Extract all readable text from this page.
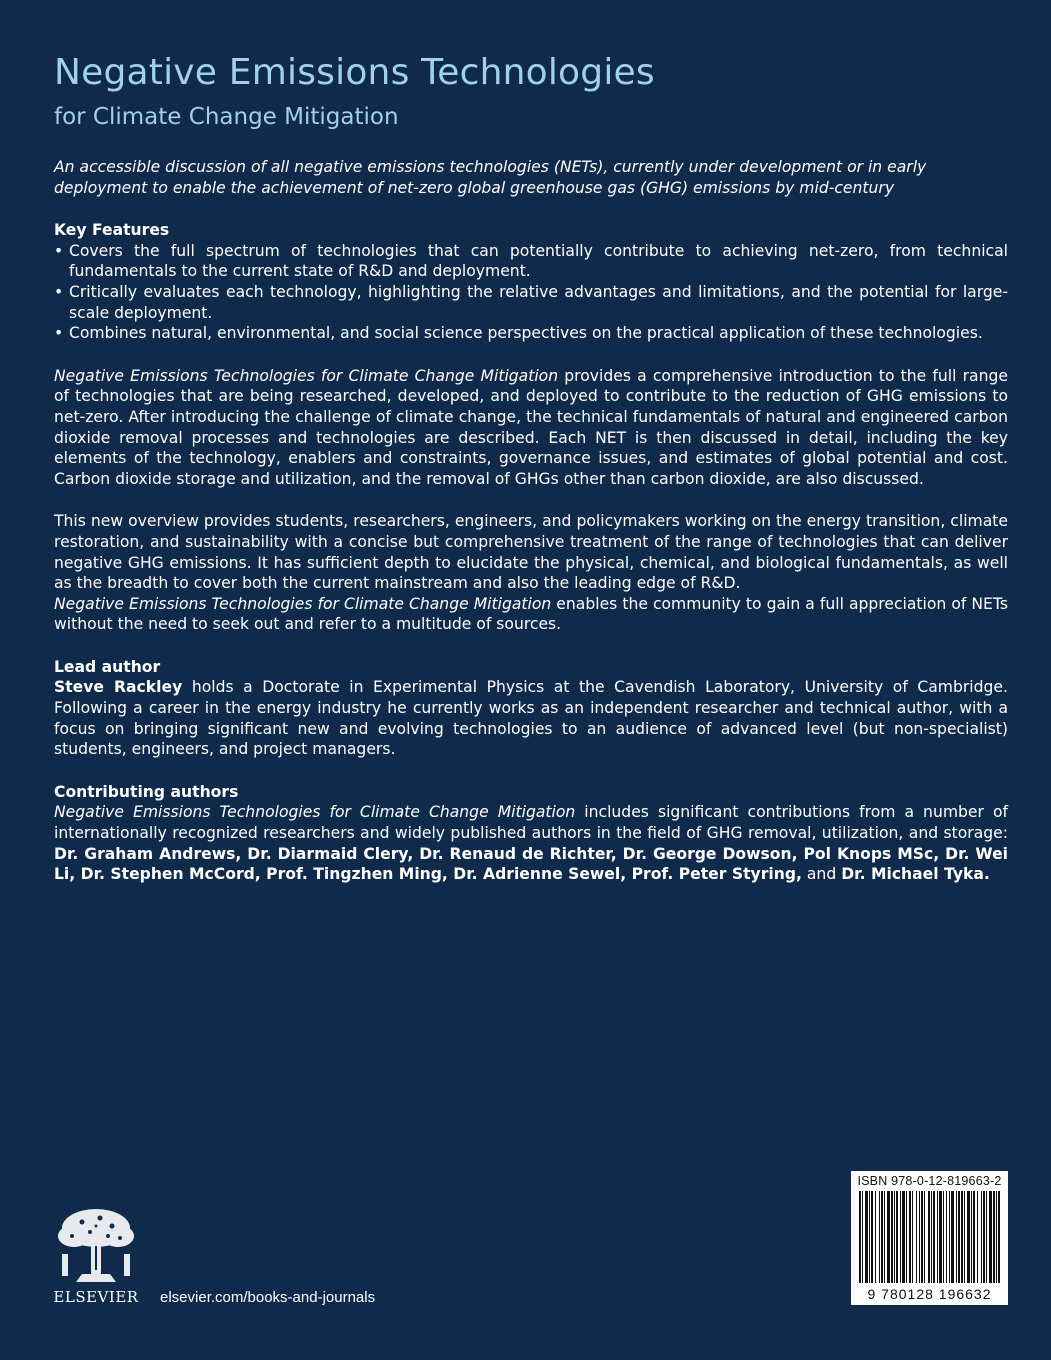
Negative Emissions Technologies
for Climate Change Mitigation

An accessible discussion of all negative emissions technologies (NETs), currently under development or in early deployment to enable the achievement of net-zero global greenhouse gas (GHG) emissions by mid-century

Key Features

• Covers the full spectrum of technologies that can potentially contribute to achieving net-zero, from technical fundamentals to the current state of R&D and deployment.
• Critically evaluates each technology, highlighting the relative advantages and limitations, and the potential for large-scale deployment.
• Combines natural, environmental, and social science perspectives on the practical application of these technologies.

Negative Emissions Technologies for Climate Change Mitigation provides a comprehensive introduction to the full range of technologies that are being researched, developed, and deployed to contribute to the reduction of GHG emissions to net-zero. After introducing the challenge of climate change, the technical fundamentals of natural and engineered carbon dioxide removal processes and technologies are described. Each NET is then discussed in detail, including the key elements of the technology, enablers and constraints, governance issues, and estimates of global potential and cost. Carbon dioxide storage and utilization, and the removal of GHGs other than carbon dioxide, are also discussed.

This new overview provides students, researchers, engineers, and policymakers working on the energy transition, climate restoration, and sustainability with a concise but comprehensive treatment of the range of technologies that can deliver negative GHG emissions. It has sufficient depth to elucidate the physical, chemical, and biological fundamentals, as well as the breadth to cover both the current mainstream and also the leading edge of R&D.
Negative Emissions Technologies for Climate Change Mitigation enables the community to gain a full appreciation of NETs without the need to seek out and refer to a multitude of sources.

Lead author

Steve Rackley holds a Doctorate in Experimental Physics at the Cavendish Laboratory, University of Cambridge. Following a career in the energy industry he currently works as an independent researcher and technical author, with a focus on bringing significant new and evolving technologies to an audience of advanced level (but non-specialist) students, engineers, and project managers.

Contributing authors

Negative Emissions Technologies for Climate Change Mitigation includes significant contributions from a number of internationally recognized researchers and widely published authors in the field of GHG removal, utilization, and storage: Dr. Graham Andrews, Dr. Diarmaid Clery, Dr. Renaud de Richter, Dr. George Dowson, Pol Knops MSc, Dr. Wei Li, Dr. Stephen McCord, Prof. Tingzhen Ming, Dr. Adrienne Sewel, Prof. Peter Styring, and Dr. Michael Tyka.

ELSEVIER elsevier.com/books-and-journals
ISBN 978-0-12-819663-2
9 780128 196632
